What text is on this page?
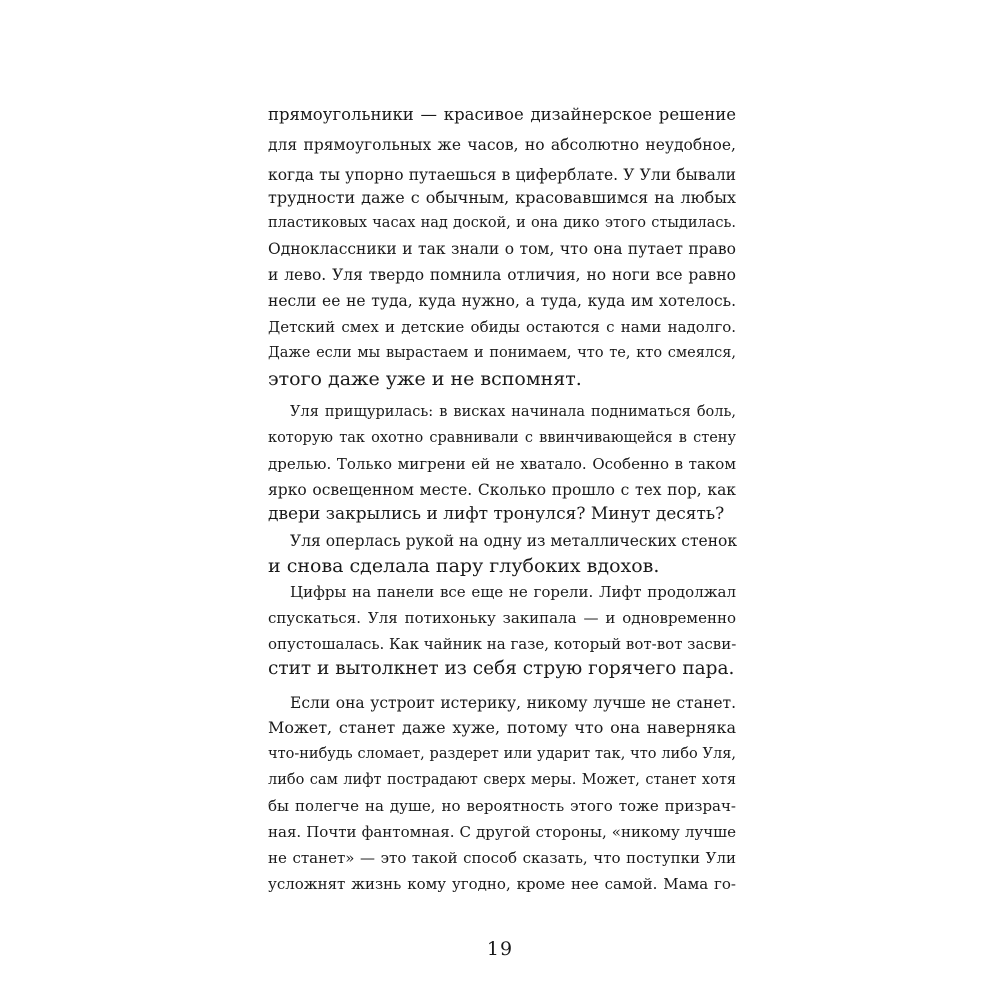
прямоугольники — красивое дизайнерское решение
для прямоугольных же часов, но абсолютно неудобное,
когда ты упорно путаешься в циферблате. У Ули бывали
трудности даже с обычным, красовавшимся на любых
пластиковых часах над доской, и она дико этого стыдилась.
Одноклассники и так знали о том, что она путает право
и лево. Уля твердо помнила отличия, но ноги все равно
несли ее не туда, куда нужно, а туда, куда им хотелось.
Детский смех и детские обиды остаются с нами надолго.
Даже если мы вырастаем и понимаем, что те, кто смеялся,
этого даже уже и не вспомнят.
Уля прищурилась: в висках начинала подниматься боль,
которую так охотно сравнивали с ввинчивающейся в стену
дрелью. Только мигрени ей не хватало. Особенно в таком
ярко освещенном месте. Сколько прошло с тех пор, как
двери закрылись и лифт тронулся? Минут десять?
Уля оперлась рукой на одну из металлических стенок
и снова сделала пару глубоких вдохов.
Цифры на панели все еще не горели. Лифт продолжал
спускаться. Уля потихоньку закипала — и одновременно
опустошалась. Как чайник на газе, который вот-вот засви-
стит и вытолкнет из себя струю горячего пара.
Если она устроит истерику, никому лучше не станет.
Может, станет даже хуже, потому что она наверняка
что-нибудь сломает, раздерет или ударит так, что либо Уля,
либо сам лифт пострадают сверх меры. Может, станет хотя
бы полегче на душе, но вероятность этого тоже призрач-
ная. Почти фантомная. С другой стороны, «никому лучше
не станет» — это такой способ сказать, что поступки Ули
усложнят жизнь кому угодно, кроме нее самой. Мама го-
19
